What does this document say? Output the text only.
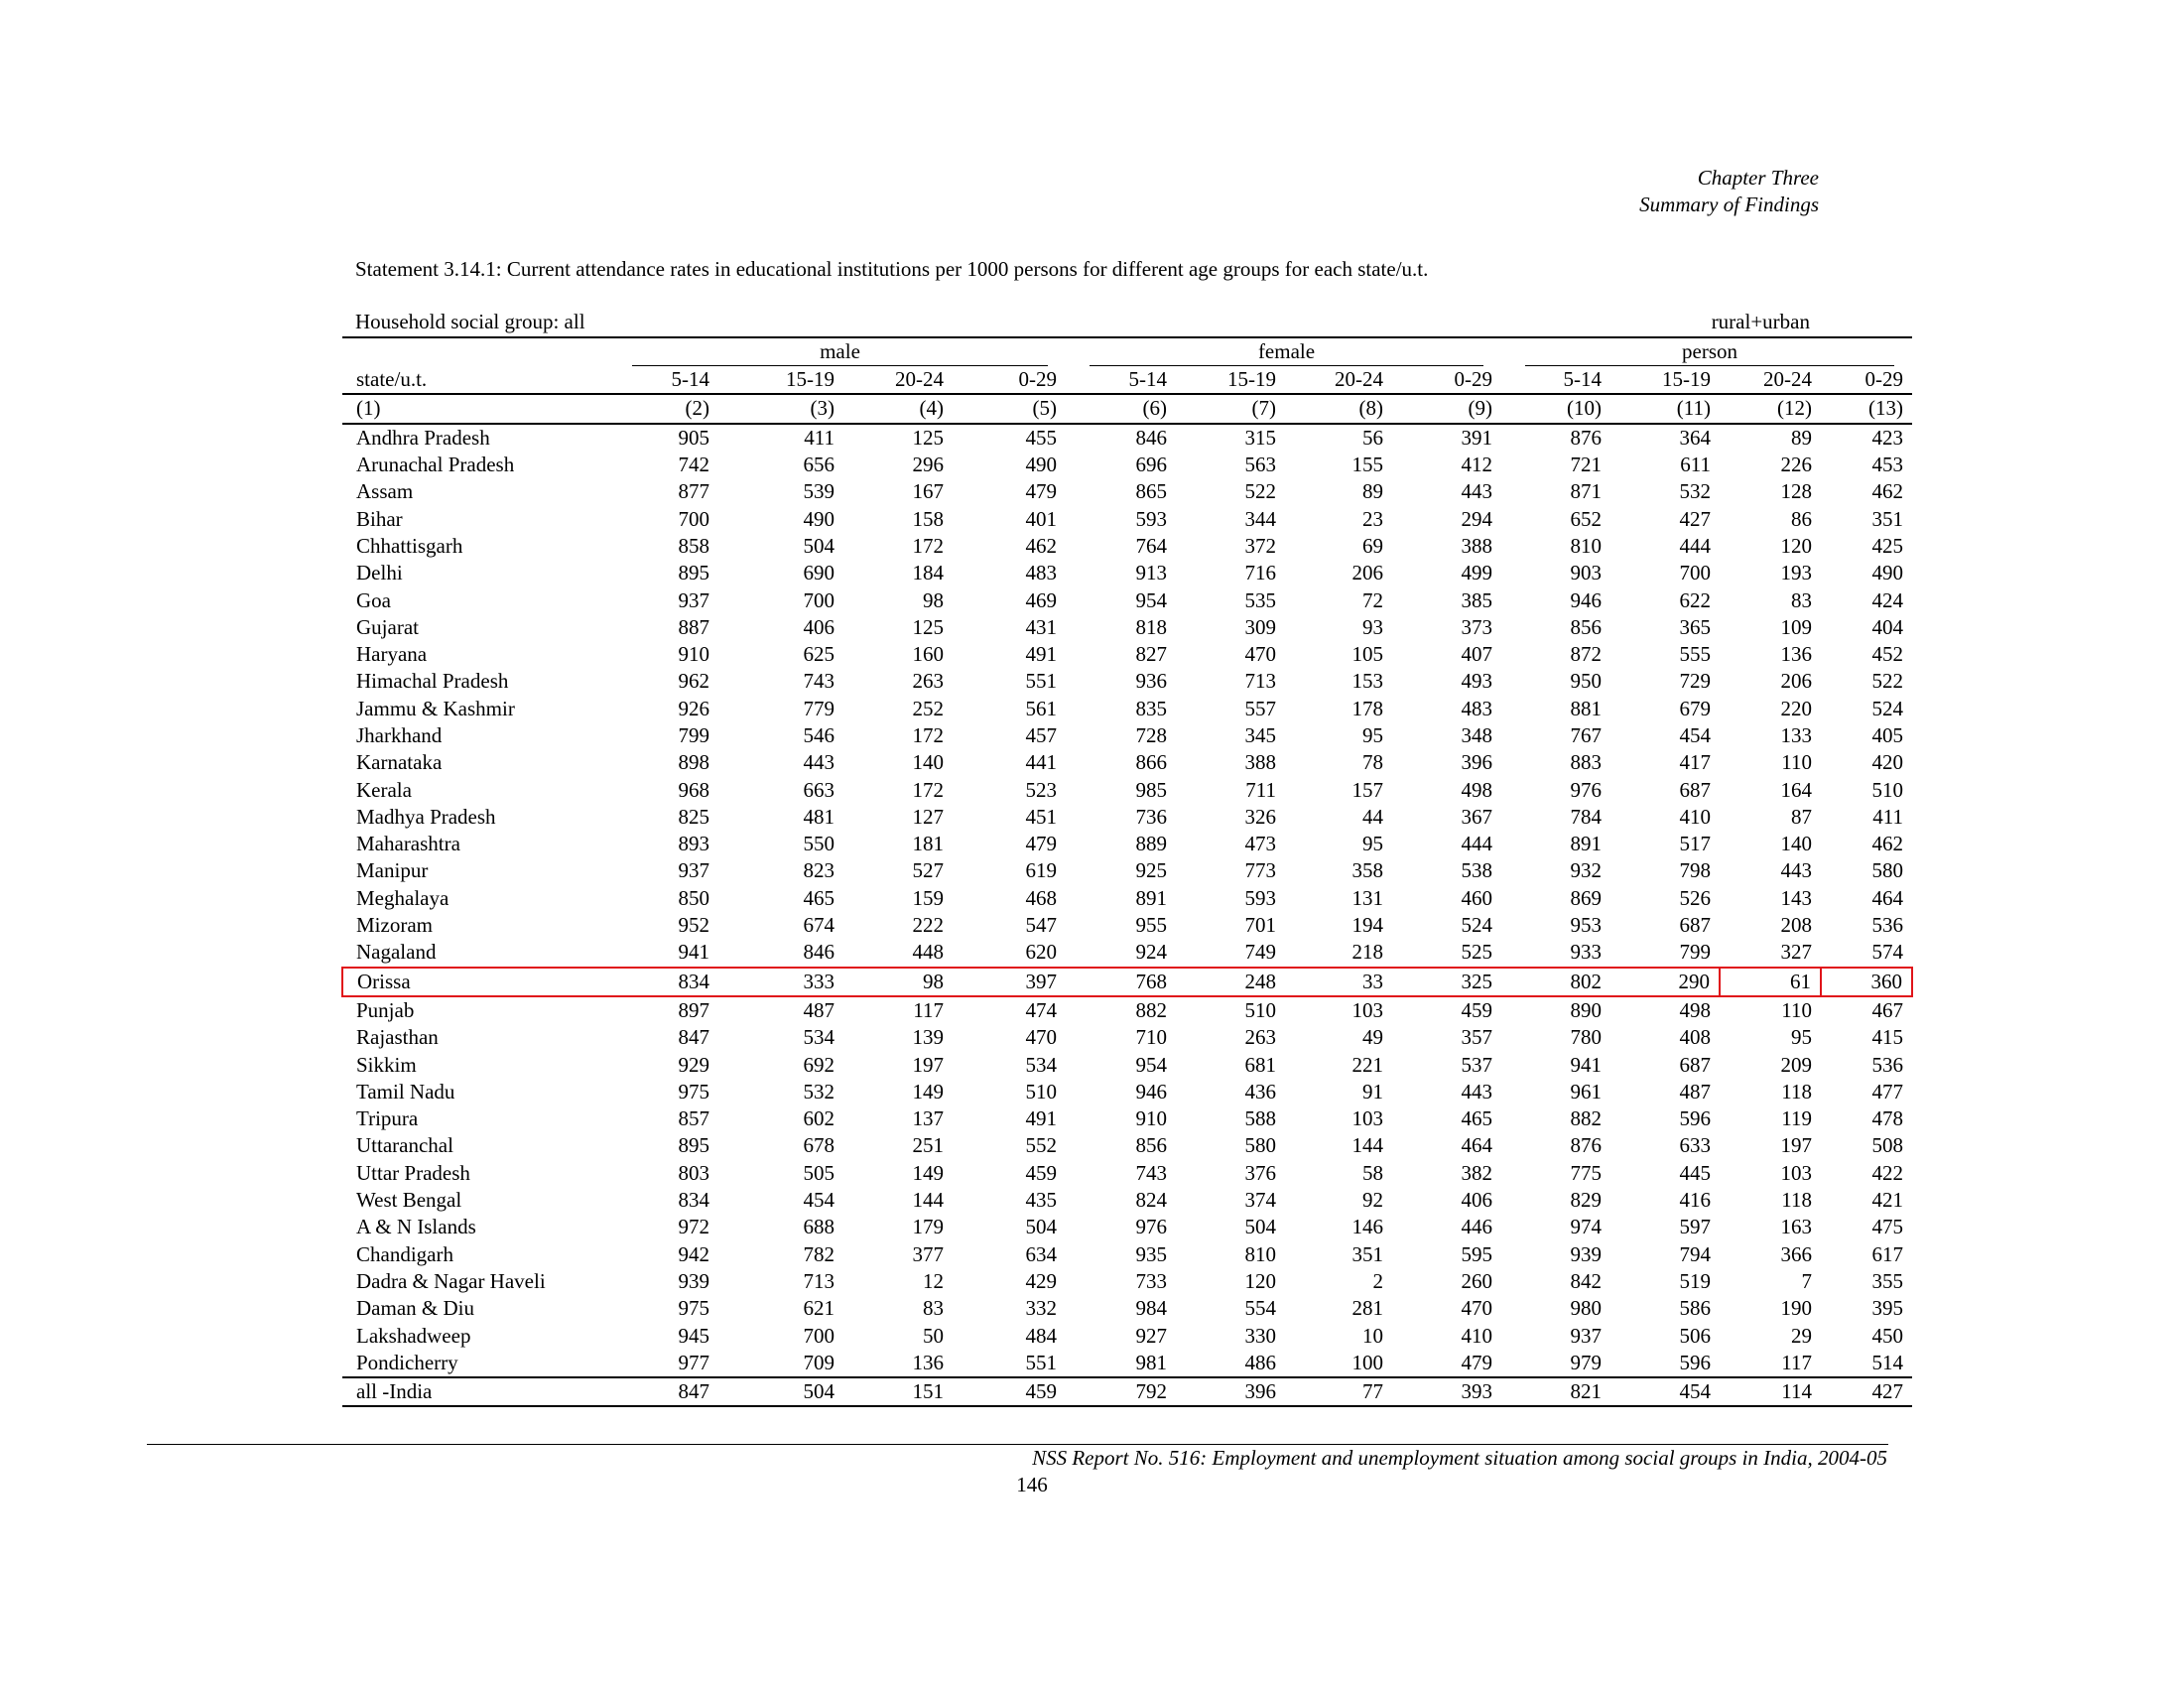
Chapter Three
Summary of Findings
Statement 3.14.1: Current attendance rates in educational institutions per 1000 persons for different age groups for each state/u.t.
Household social group: all	rural+urban
state/u.t.	male				female				person			

	5-14	15-19	20-24	0-29	5-14	15-19	20-24	0-29	5-14	15-19	20-24	0-29
(1)	(2)	(3)	(4)	(5)	(6)	(7)	(8)	(9)	(10)	(11)	(12)	(13)
Andhra Pradesh	905	411	125	455	846	315	56	391	876	364	89	423
Arunachal Pradesh	742	656	296	490	696	563	155	412	721	611	226	453
Assam	877	539	167	479	865	522	89	443	871	532	128	462
Bihar	700	490	158	401	593	344	23	294	652	427	86	351
Chhattisgarh	858	504	172	462	764	372	69	388	810	444	120	425
Delhi	895	690	184	483	913	716	206	499	903	700	193	490
Goa	937	700	98	469	954	535	72	385	946	622	83	424
Gujarat	887	406	125	431	818	309	93	373	856	365	109	404
Haryana	910	625	160	491	827	470	105	407	872	555	136	452
Himachal Pradesh	962	743	263	551	936	713	153	493	950	729	206	522
Jammu & Kashmir	926	779	252	561	835	557	178	483	881	679	220	524
Jharkhand	799	546	172	457	728	345	95	348	767	454	133	405
Karnataka	898	443	140	441	866	388	78	396	883	417	110	420
Kerala	968	663	172	523	985	711	157	498	976	687	164	510
Madhya Pradesh	825	481	127	451	736	326	44	367	784	410	87	411
Maharashtra	893	550	181	479	889	473	95	444	891	517	140	462
Manipur	937	823	527	619	925	773	358	538	932	798	443	580
Meghalaya	850	465	159	468	891	593	131	460	869	526	143	464
Mizoram	952	674	222	547	955	701	194	524	953	687	208	536
Nagaland	941	846	448	620	924	749	218	525	933	799	327	574
Orissa	834	333	98	397	768	248	33	325	802	290	61	360
Punjab	897	487	117	474	882	510	103	459	890	498	110	467
Rajasthan	847	534	139	470	710	263	49	357	780	408	95	415
Sikkim	929	692	197	534	954	681	221	537	941	687	209	536
Tamil Nadu	975	532	149	510	946	436	91	443	961	487	118	477
Tripura	857	602	137	491	910	588	103	465	882	596	119	478
Uttaranchal	895	678	251	552	856	580	144	464	876	633	197	508
Uttar Pradesh	803	505	149	459	743	376	58	382	775	445	103	422
West Bengal	834	454	144	435	824	374	92	406	829	416	118	421
A & N Islands	972	688	179	504	976	504	146	446	974	597	163	475
Chandigarh	942	782	377	634	935	810	351	595	939	794	366	617
Dadra & Nagar Haveli	939	713	12	429	733	120	2	260	842	519	7	355
Daman & Diu	975	621	83	332	984	554	281	470	980	586	190	395
Lakshadweep	945	700	50	484	927	330	10	410	937	506	29	450
Pondicherry	977	709	136	551	981	486	100	479	979	596	117	514
all -India	847	504	151	459	792	396	77	393	821	454	114	427
NSS Report No. 516: Employment and unemployment situation among social groups in India, 2004-05
146
